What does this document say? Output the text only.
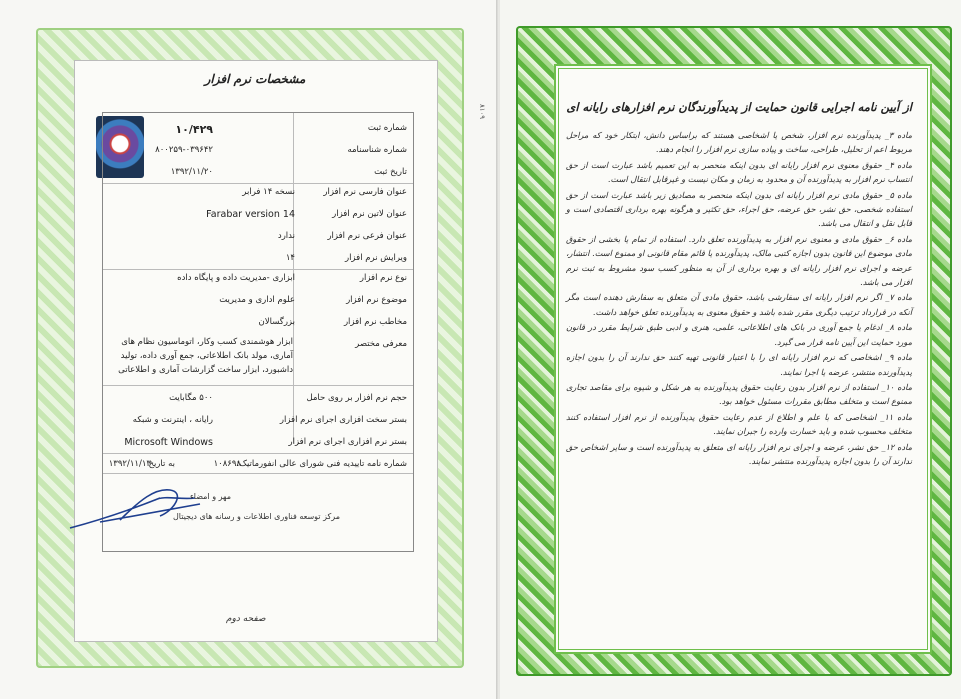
مشخصات نرم افزار
شماره ثبت
۱۰/۴۲۹
شماره شناسنامه
۸۰۰۲۵۹-۰۳۹۶۴۲
تاریخ ثبت
۱۳۹۲/۱۱/۲۰
عنوان فارسی نرم افزار
نسخه ۱۴ فرابر
عنوان لاتین نرم افزار
Farabar version 14
عنوان فرعی نرم افزار
ندارد
ویرایش نرم افزار
۱۴
نوع نرم افزار
ابزاری -مدیریت داده و پایگاه داده
موضوع نرم افزار
علوم اداری و مدیریت
مخاطب نرم افزار
بزرگسالان
معرفی مختصر
ابزار هوشمندی کسب وکار، اتوماسیون نظام های آماری، مولد بانک اطلاعاتی، جمع آوری داده، تولید داشبورد، ابزار ساخت گزارشات آماری و اطلاعاتی
حجم نرم افزار بر روی حامل
۵۰۰ مگابایت
بستر سخت افزاری اجرای نرم افزار
رایانه ، اینترنت و شبکه
بستر نرم افزاری اجرای نرم افزار
Microsoft Windows
شماره نامه تاییدیه فنی شورای عالی انفورماتیک:
۱۰۸۶۹۸
به تاریخ
۱۳۹۲/۱۱/۱۳
مهر و امضاء
مرکز توسعه فناوری اطلاعات و رسانه های دیجیتال
صفحه دوم
۸۱۰۹	از آیین نامه اجرایی قانون حمایت از پدیدآورندگان نرم افزارهای رایانه ای

ماده ۳_ پدیدآورنده نرم افزار، شخص یا اشخاصی هستند که براساس دانش، ابتکار خود که مراحل مربوط اعم از تحلیل، طراحی، ساخت و پیاده سازی نرم افزار را انجام دهند.

ماده ۴_ حقوق معنوی نرم افزار رایانه ای بدون اینکه منحصر به این تعمیم باشد عبارت است از حق انتساب نرم افزار به پدیدآورنده آن و محدود به زمان و مکان نیست و غیرقابل انتقال است.

ماده ۵_ حقوق مادی نرم افزار رایانه ای بدون اینکه منحصر به مصادیق زیر باشد عبارت است از حق استفاده شخصی، حق نشر، حق عرضه، حق اجراء، حق تکثیر و هرگونه بهره برداری اقتصادی است و قابل نقل و انتقال می باشد.

ماده ۶_ حقوق مادی و معنوی نرم افزار به پدیدآورنده تعلق دارد. استفاده از تمام یا بخشی از حقوق مادی موضوع این قانون بدون اجازه کتبی مالک، پدیدآورنده یا قائم مقام قانونی او ممنوع است. انتشار، عرضه و اجرای نرم افزار رایانه ای و بهره برداری از آن به منظور کسب سود مشروط به ثبت نرم افزار می باشد.

ماده ۷_ اگر نرم افزار رایانه ای سفارشی باشد، حقوق مادی آن متعلق به سفارش دهنده است مگر آنکه در قرارداد ترتیب دیگری مقرر شده باشد و حقوق معنوی به پدیدآورنده تعلق خواهد داشت.

ماده ۸_ ادغام یا جمع آوری در بانک های اطلاعاتی، علمی، هنری و ادبی طبق شرایط مقرر در قانون مورد حمایت این آیین نامه قرار می گیرد.

ماده ۹_ اشخاصی که نرم افزار رایانه ای را با اعتبار قانونی تهیه کنند حق ندارند آن را بدون اجازه پدیدآورنده منتشر، عرضه یا اجرا نمایند.

ماده ۱۰_ استفاده از نرم افزار بدون رعایت حقوق پدیدآورنده به هر شکل و شیوه برای مقاصد تجاری ممنوع است و متخلف مطابق مقررات مسئول خواهد بود.

ماده ۱۱_ اشخاصی که با علم و اطلاع از عدم رعایت حقوق پدیدآورنده از نرم افزار استفاده کنند متخلف محسوب شده و باید خسارت وارده را جبران نمایند.

ماده ۱۲_ حق نشر، عرضه و اجرای نرم افزار رایانه ای متعلق به پدیدآورنده است و سایر اشخاص حق ندارند آن را بدون اجازه پدیدآورنده منتشر نمایند.
